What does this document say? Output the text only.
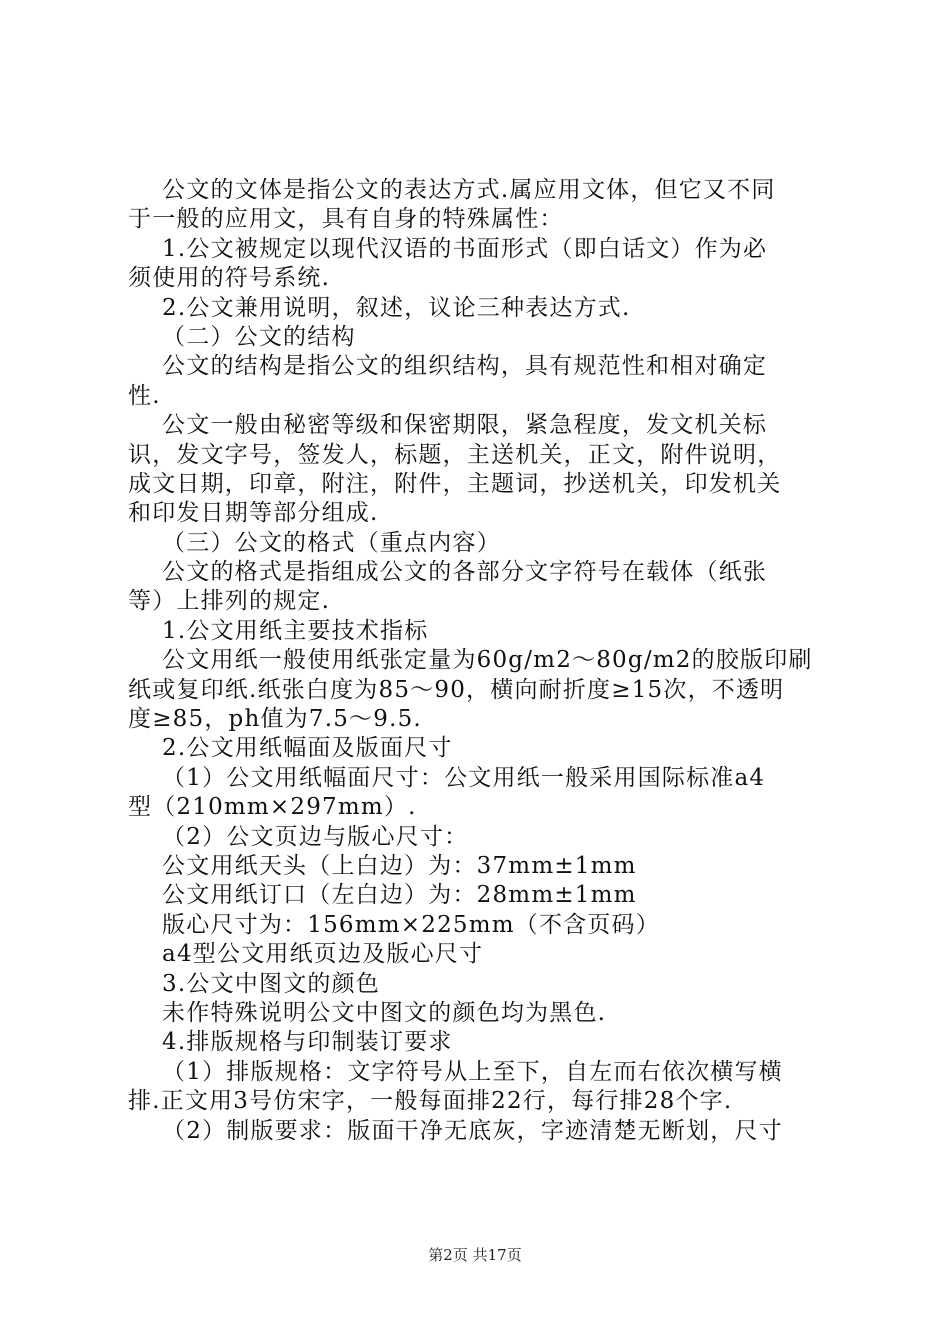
公文的文体是指公文的表达方式.属应用文体，但它又不同
于一般的应用文，具有自身的特殊属性：
1.公文被规定以现代汉语的书面形式（即白话文）作为必
须使用的符号系统.
2.公文兼用说明，叙述，议论三种表达方式.
（二）公文的结构
公文的结构是指公文的组织结构，具有规范性和相对确定
性.
公文一般由秘密等级和保密期限，紧急程度，发文机关标
识，发文字号，签发人，标题，主送机关，正文，附件说明，
成文日期，印章，附注，附件，主题词，抄送机关，印发机关
和印发日期等部分组成.
（三）公文的格式（重点内容）
公文的格式是指组成公文的各部分文字符号在载体（纸张
等）上排列的规定.
1.公文用纸主要技术指标
公文用纸一般使用纸张定量为60g/m2～80g/m2的胶版印刷
纸或复印纸.纸张白度为85～90，横向耐折度≥15次，不透明
度≥85，ph值为7.5～9.5.
2.公文用纸幅面及版面尺寸
（1）公文用纸幅面尺寸：公文用纸一般采用国际标准a4
型（210mm×297mm）.
（2）公文页边与版心尺寸：
公文用纸天头（上白边）为：37mm±1mm
公文用纸订口（左白边）为：28mm±1mm
版心尺寸为：156mm×225mm（不含页码）
a4型公文用纸页边及版心尺寸
3.公文中图文的颜色
未作特殊说明公文中图文的颜色均为黑色.
4.排版规格与印制装订要求
（1）排版规格：文字符号从上至下，自左而右依次横写横
排.正文用3号仿宋字，一般每面排22行，每行排28个字.
（2）制版要求：版面干净无底灰，字迹清楚无断划，尺寸
第2页 共17页
